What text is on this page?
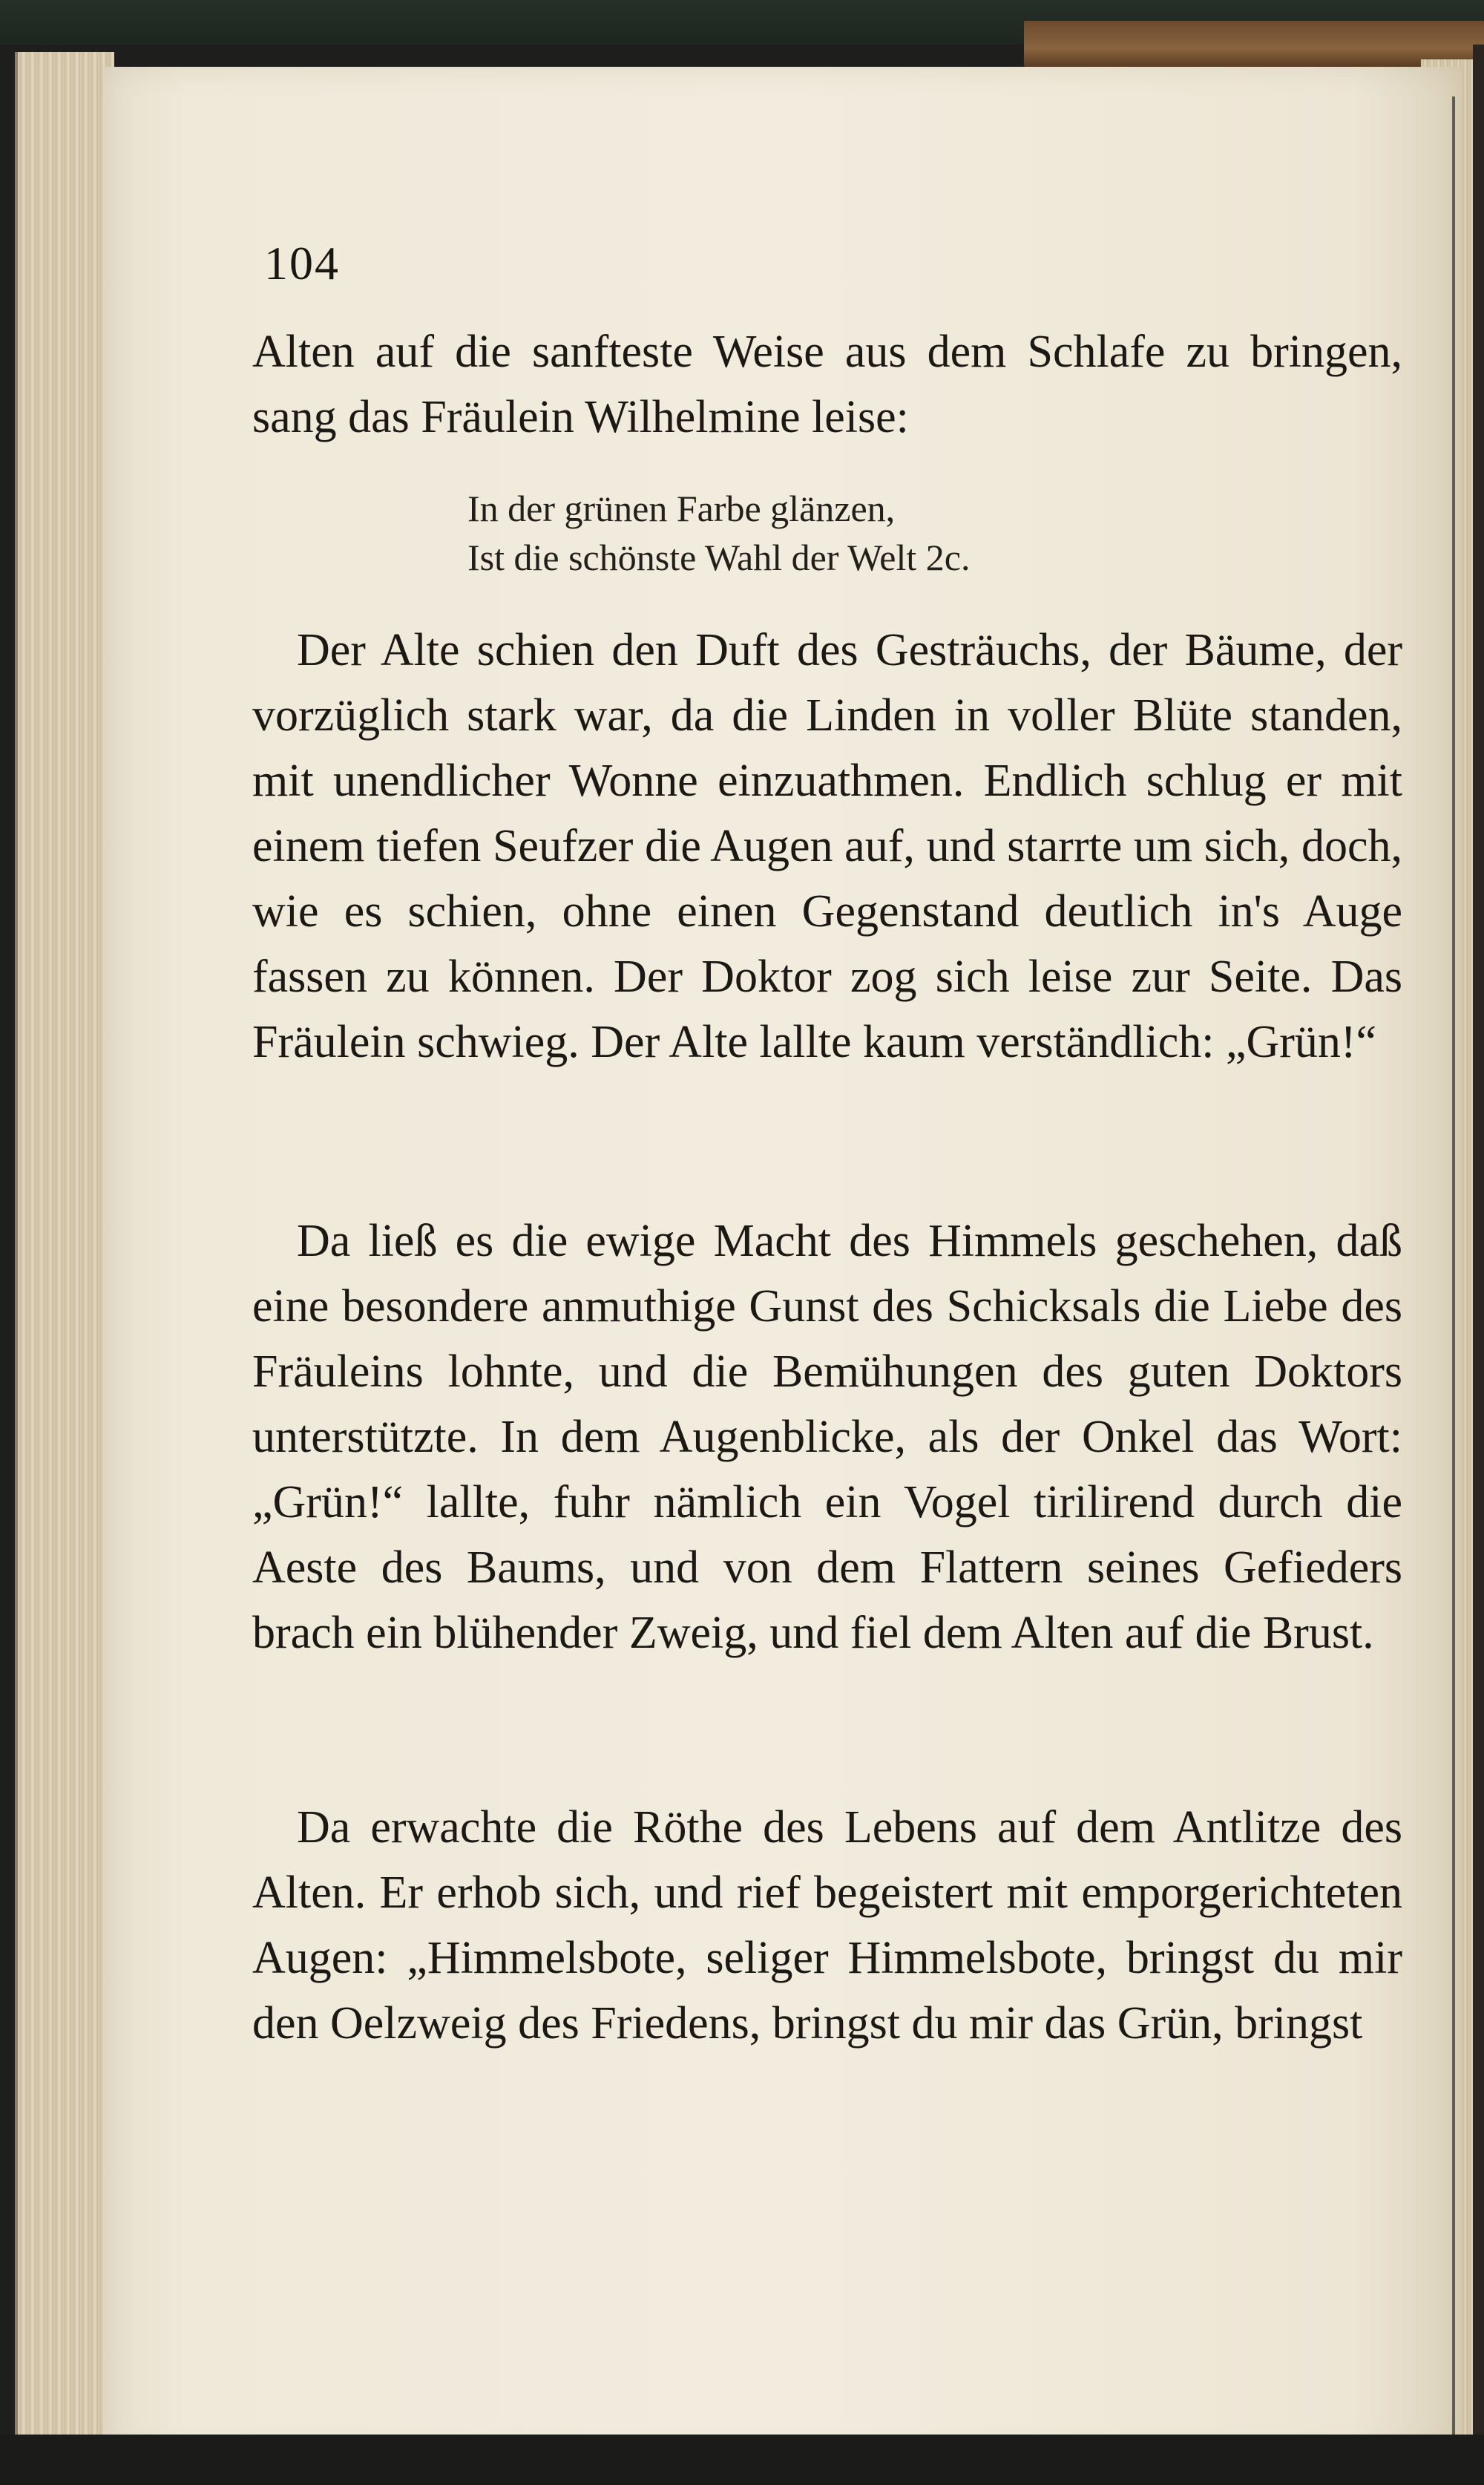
104

Alten auf die sanfteste Weise aus dem Schlafe zu bringen, sang das Fräulein Wilhelmine leise:

In der grünen Farbe glänzen,
Ist die schönste Wahl der Welt 2c.

Der Alte schien den Duft des Gesträuchs, der Bäume, der vorzüglich stark war, da die Linden in voller Blüte standen, mit unendlicher Wonne einzuathmen. Endlich schlug er mit einem tiefen Seufzer die Augen auf, und starrte um sich, doch, wie es schien, ohne einen Gegenstand deutlich in's Auge fassen zu können. Der Doktor zog sich leise zur Seite. Das Fräulein schwieg. Der Alte lallte kaum verständlich: „Grün!“

Da ließ es die ewige Macht des Himmels geschehen, daß eine besondere anmuthige Gunst des Schicksals die Liebe des Fräuleins lohnte, und die Bemühungen des guten Doktors unterstützte. In dem Augenblicke, als der Onkel das Wort: „Grün!“ lallte, fuhr nämlich ein Vogel tirilirend durch die Aeste des Baums, und von dem Flattern seines Gefieders brach ein blühender Zweig, und fiel dem Alten auf die Brust.

Da erwachte die Röthe des Lebens auf dem Antlitze des Alten. Er erhob sich, und rief begeistert mit emporgerichteten Augen: „Himmelsbote, seliger Himmelsbote, bringst du mir den Oelzweig des Friedens, bringst du mir das Grün, bringst
